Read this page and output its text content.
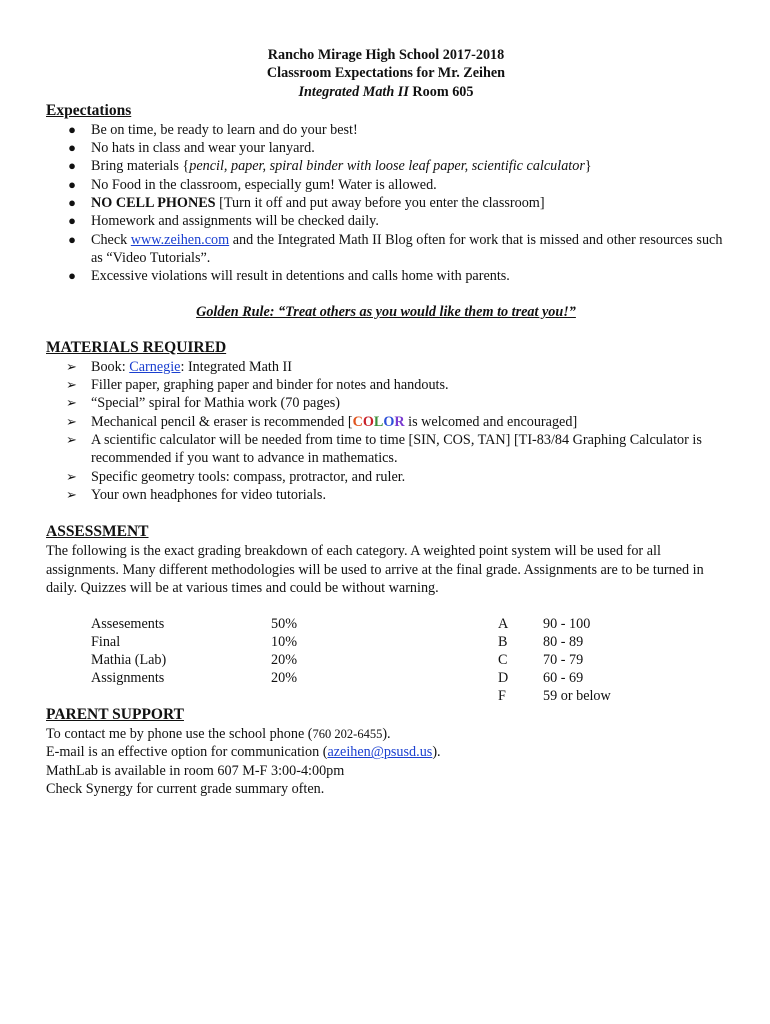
Rancho Mirage High School 2017-2018
Classroom Expectations for Mr. Zeihen
Integrated Math II Room 605
Expectations
● Be on time, be ready to learn and do your best!
● No hats in class and wear your lanyard.
● Bring materials {pencil, paper, spiral binder with loose leaf paper, scientific calculator}
● No Food in the classroom, especially gum! Water is allowed.
● NO CELL PHONES [Turn it off and put away before you enter the classroom]
● Homework and assignments will be checked daily.
● Check www.zeihen.com and the Integrated Math II Blog often for work that is missed and other resources such as “Video Tutorials”.
● Excessive violations will result in detentions and calls home with parents.
Golden Rule: “Treat others as you would like them to treat you!”
MATERIALS REQUIRED
➢ Book: Carnegie: Integrated Math II
➢ Filler paper, graphing paper and binder for notes and handouts.
➢ “Special” spiral for Mathia work (70 pages)
➢ Mechanical pencil & eraser is recommended [COLOR is welcomed and encouraged]
➢ A scientific calculator will be needed from time to time [SIN, COS, TAN] [TI-83/84 Graphing Calculator is recommended if you want to advance in mathematics.
➢ Specific geometry tools: compass, protractor, and ruler.
➢ Your own headphones for video tutorials.
ASSESSMENT

The following is the exact grading breakdown of each category. A weighted point system will be used for all assignments. Many different methodologies will be used to arrive at the final grade. Assignments are to be turned in daily. Quizzes will be at various times and could be without warning.

Assesements
Final
Mathia (Lab)
Assignments
50%
10%
20%
20%
A
B
C
D
F
90 - 100
80 - 89
70 - 79
60 - 69
59 or below
PARENT SUPPORT
To contact me by phone use the school phone (760 202-6455).
E-mail is an effective option for communication (azeihen@psusd.us).
MathLab is available in room 607 M-F 3:00-4:00pm
Check Synergy for current grade summary often.
